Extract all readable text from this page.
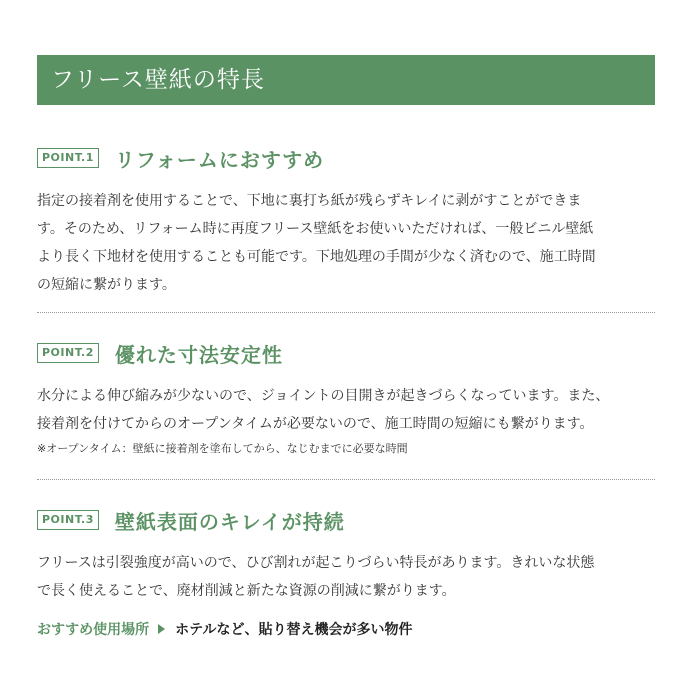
フリース壁紙の特長
POINT.1 リフォームにおすすめ
指定の接着剤を使用することで、下地に裏打ち紙が残らずキレイに剥がすことができま
す。そのため、リフォーム時に再度フリース壁紙をお使いいただければ、一般ビニル壁紙
より長く下地材を使用することも可能です。下地処理の手間が少なく済むので、施工時間
の短縮に繋がります。
POINT.2 優れた寸法安定性
水分による伸び縮みが少ないので、ジョイントの目開きが起きづらくなっています。また、
接着剤を付けてからのオープンタイムが必要ないので、施工時間の短縮にも繋がります。
※オープンタイム：壁紙に接着剤を塗布してから、なじむまでに必要な時間
POINT.3 壁紙表面のキレイが持続
フリースは引裂強度が高いので、ひび割れが起こりづらい特長があります。きれいな状態
で長く使えることで、廃材削減と新たな資源の削減に繋がります。
おすすめ使用場所 ホテルなど、貼り替え機会が多い物件
